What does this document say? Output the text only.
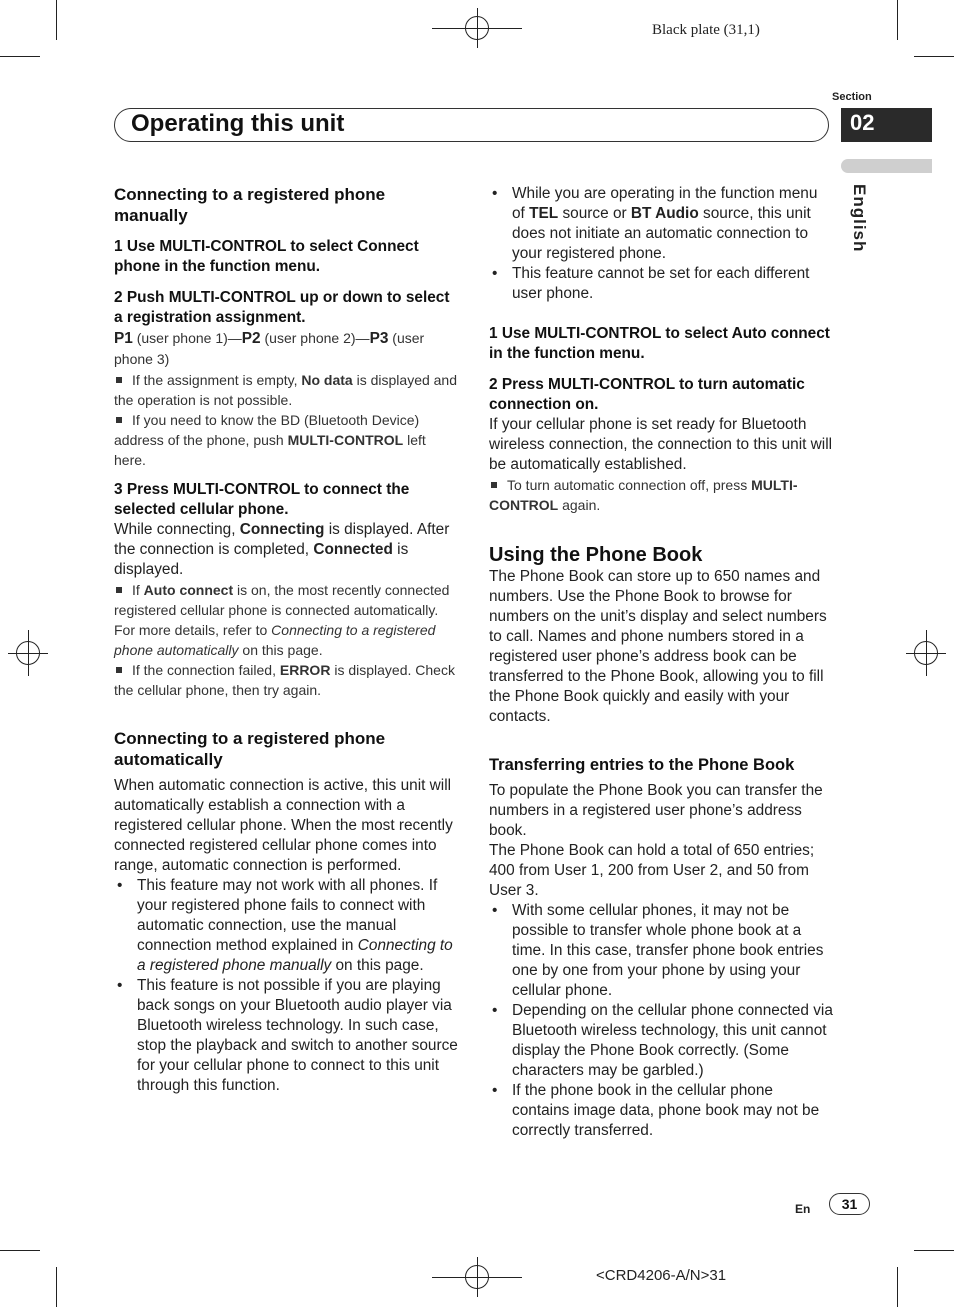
Black plate (31,1)
Section
Operating this unit	02
English

Connecting to a registered phone manually

1 Use MULTI-CONTROL to select Connect phone in the function menu.

2 Push MULTI-CONTROL up or down to select a registration assignment.

P1 (user phone 1)—P2 (user phone 2)—P3 (user phone 3)

If the assignment is empty, No data is displayed and the operation is not possible.

If you need to know the BD (Bluetooth Device) address of the phone, push MULTI-CONTROL left here.

3 Press MULTI-CONTROL to connect the selected cellular phone.

While connecting, Connecting is displayed. After the connection is completed, Connected is displayed.

If Auto connect is on, the most recently connected registered cellular phone is connected automatically. For more details, refer to Connecting to a registered phone automatically on this page.

If the connection failed, ERROR is displayed. Check the cellular phone, then try again.

Connecting to a registered phone automatically

When automatic connection is active, this unit will automatically establish a connection with a registered cellular phone. When the most recently connected registered cellular phone comes into range, automatic connection is performed.

• This feature may not work with all phones. If your registered phone fails to connect with automatic connection, use the manual connection method explained in Connecting to a registered phone manually on this page.
• This feature is not possible if you are playing back songs on your Bluetooth audio player via Bluetooth wireless technology. In such case, stop the playback and switch to another source for your cellular phone to connect to this unit through this function.
• While you are operating in the function menu of TEL source or BT Audio source, this unit does not initiate an automatic connection to your registered phone.
• This feature cannot be set for each different user phone.

1 Use MULTI-CONTROL to select Auto connect in the function menu.

2 Press MULTI-CONTROL to turn automatic connection on.

If your cellular phone is set ready for Bluetooth wireless connection, the connection to this unit will be automatically established.

To turn automatic connection off, press MULTI-CONTROL again.

Using the Phone Book

The Phone Book can store up to 650 names and numbers. Use the Phone Book to browse for numbers on the unit’s display and select numbers to call. Names and phone numbers stored in a registered user phone’s address book can be transferred to the Phone Book, allowing you to fill the Phone Book quickly and easily with your contacts.

Transferring entries to the Phone Book

To populate the Phone Book you can transfer the numbers in a registered user phone’s address book.

The Phone Book can hold a total of 650 entries; 400 from User 1, 200 from User 2, and 50 from User 3.

• With some cellular phones, it may not be possible to transfer whole phone book at a time. In this case, transfer phone book entries one by one from your phone by using your cellular phone.
• Depending on the cellular phone connected via Bluetooth wireless technology, this unit cannot display the Phone Book correctly. (Some characters may be garbled.)
• If the phone book in the cellular phone contains image data, phone book may not be correctly transferred.
En	31
<CRD4206-A/N>31
